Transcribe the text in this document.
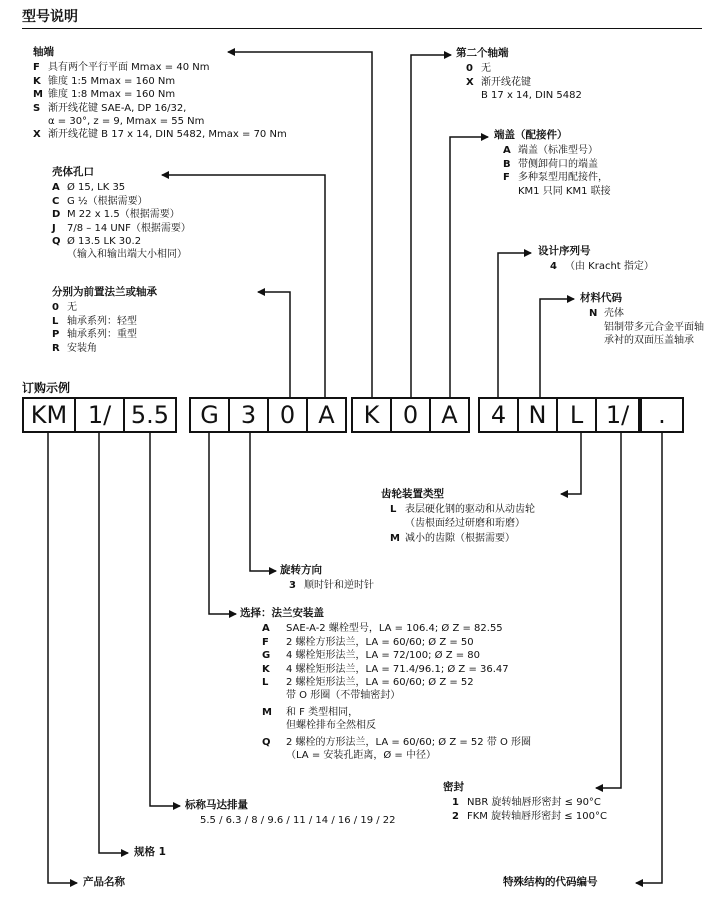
型号说明
轴端
F 具有两个平行平面 Mmax = 40 Nm
K 锥度 1:5 Mmax = 160 Nm
M 锥度 1:8 Mmax = 160 Nm
S 渐开线花键 SAE-A, DP 16/32,
α = 30°, z = 9, Mmax = 55 Nm
X 渐开线花键 B 17 x 14, DIN 5482, Mmax = 70 Nm
壳体孔口
A Ø 15, LK 35
C G ½（根据需要）
D M 22 x 1.5（根据需要）
J	7/8 – 14 UNF（根据需要）
Q Ø 13.5 LK 30.2
（输入和输出端大小相同）
分别为前置法兰或轴承
0 无
L 轴承系列：轻型
P 轴承系列：重型
R 安装角
第二个轴端
0 无
X 渐开线花键
B 17 x 14, DIN 5482
端盖（配接件）
A 端盖（标准型号）
B 带侧卸荷口的端盖
F 多种泵型用配接件，
KM1 只同 KM1 联接
设计序列号
4 （由 Kracht 指定）
材料代码
N 壳体
铝制带多元合金平面轴
承衬的双面压盖轴承
订购示例
KM 1/ 5.5	G 3 0 A	K 0 A	4 N L 1/	.
齿轮装置类型
L 表层硬化钢的驱动和从动齿轮
（齿根面经过研磨和珩磨）
M 减小的齿隙（根据需要）
旋转方向
3 顺时针和逆时针
选择：法兰安装盖
A	SAE-A-2 螺栓型号，LA = 106.4; Ø Z = 82.55
F	2 螺栓方形法兰，LA = 60/60; Ø Z = 50
G	4 螺栓矩形法兰，LA = 72/100; Ø Z = 80
K	4 螺栓矩形法兰，LA = 71.4/96.1; Ø Z = 36.47
L	2 螺栓矩形法兰，LA = 60/60; Ø Z = 52
带 O 形圈（不带轴密封）
M	和 F 类型相同，
但螺栓排布全然相反
Q	2 螺栓的方形法兰，LA = 60/60; Ø Z = 52 带 O 形圈
（LA = 安装孔距离，Ø = 中径）
密封
1 NBR 旋转轴唇形密封 ≤ 90°C
2 FKM 旋转轴唇形密封 ≤ 100°C
标称马达排量
5.5 / 6.3 / 8 / 9.6 / 11 / 14 / 16 / 19 / 22
规格 1
产品名称	特殊结构的代码编号
